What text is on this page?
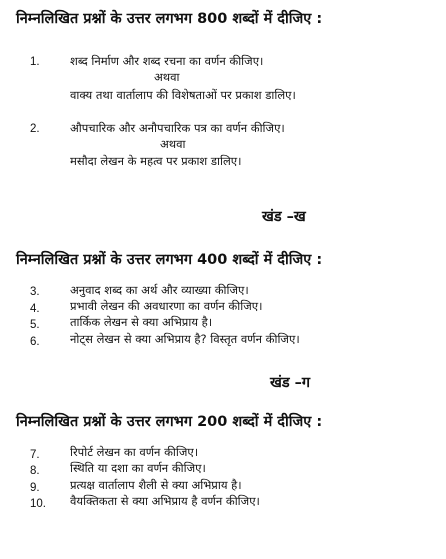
निम्नलिखित प्रश्नों के उत्तर लगभग 800 शब्दों में दीजिए :
1.	शब्द निर्माण और शब्द रचना का वर्णन कीजिए।
अथवा
वाक्य तथा वार्तालाप की विशेषताओं पर प्रकाश डालिए।
2.	औपचारिक और अनौपचारिक पत्र का वर्णन कीजिए।
अथवा
मसौदा लेखन के महत्व पर प्रकाश डालिए।
खंड –ख
निम्नलिखित प्रश्नों के उत्तर लगभग 400 शब्दों में दीजिए :
3.	अनुवाद शब्द का अर्थ और व्याख्या कीजिए।
4.	प्रभावी लेखन की अवधारणा का वर्णन कीजिए।
5.	तार्किक लेखन से क्या अभिप्राय है।
6.	नोट्स लेखन से क्या अभिप्राय है? विस्तृत वर्णन कीजिए।
खंड –ग
निम्नलिखित प्रश्नों के उत्तर लगभग 200 शब्दों में दीजिए :
7.	रिपोर्ट लेखन का वर्णन कीजिए।
8.	स्थिति या दशा का वर्णन कीजिए।
9.	प्रत्यक्ष वार्तालाप शैली से क्या अभिप्राय है।
10. वैयक्तिकता से क्या अभिप्राय है वर्णन कीजिए।
